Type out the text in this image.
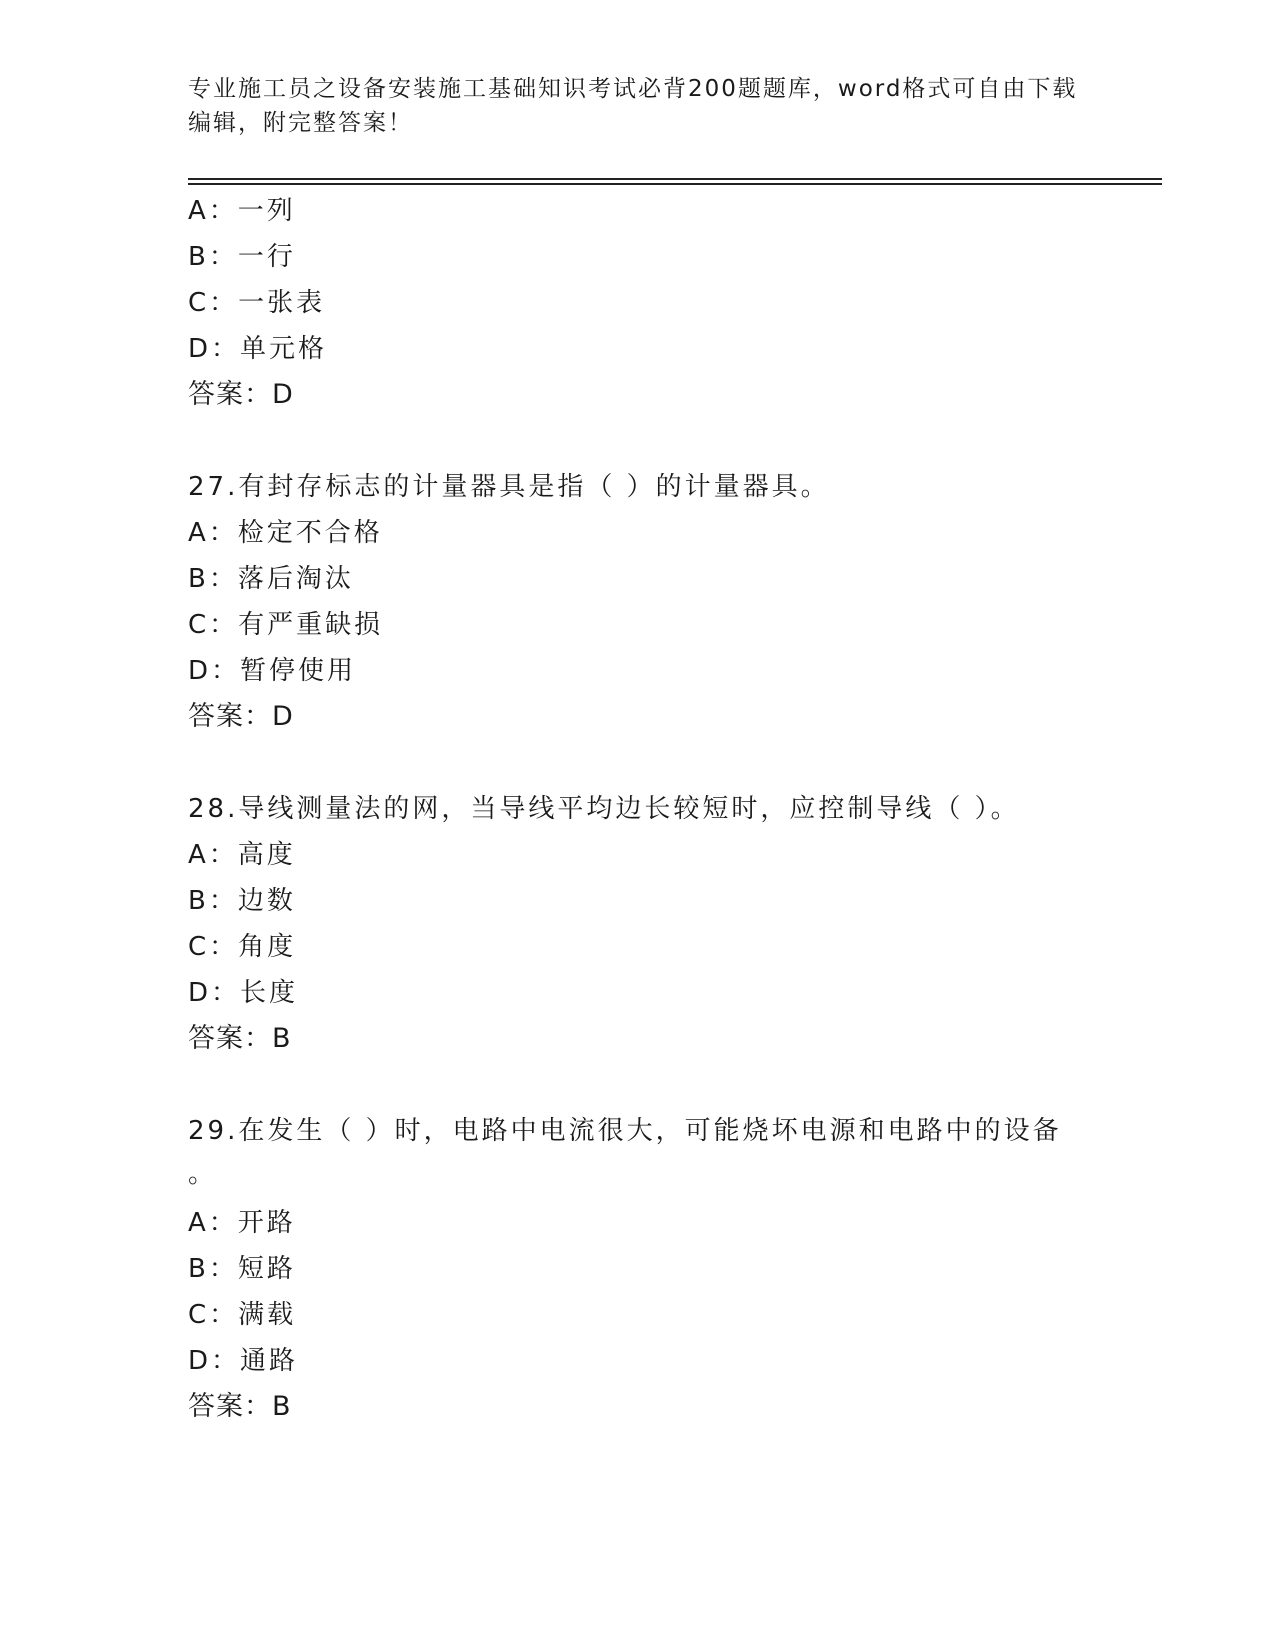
专业施工员之设备安装施工基础知识考试必背200题题库，word格式可自由下载
编辑，附完整答案！
A：一列
B：一行
C：一张表
D：单元格
答案：D
27.有封存标志的计量器具是指（ ）的计量器具。
A：检定不合格
B：落后淘汰
C：有严重缺损
D：暂停使用
答案：D
28.导线测量法的网，当导线平均边长较短时，应控制导线（ ）。
A：高度
B：边数
C：角度
D：长度
答案：B
29.在发生（ ）时，电路中电流很大，可能烧坏电源和电路中的设备
。
A：开路
B：短路
C：满载
D：通路
答案：B
